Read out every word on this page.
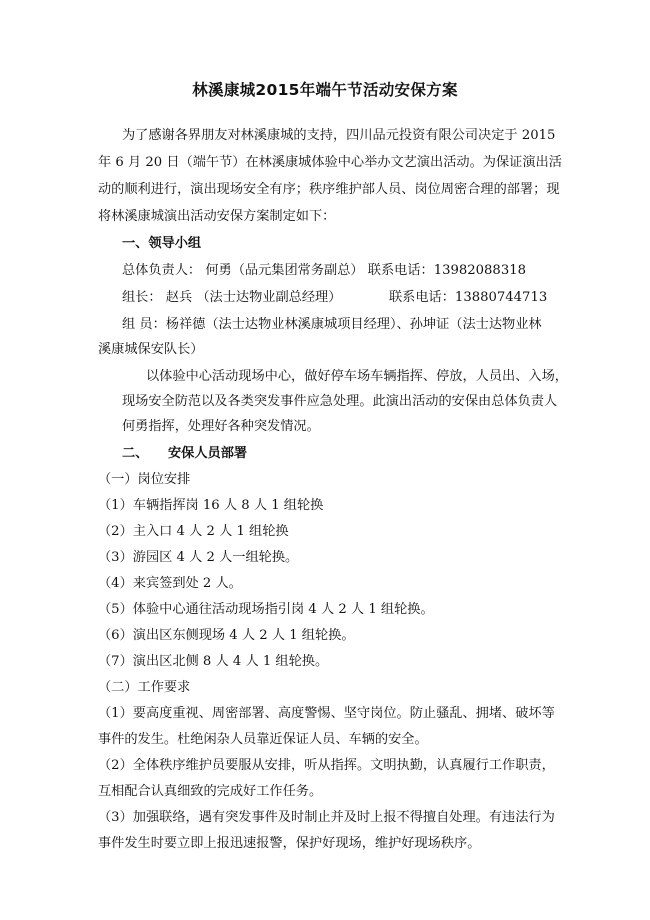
林溪康城2015年端午节活动安保方案
为了感谢各界朋友对林溪康城的支持，四川品元投资有限公司决定于 2015
年 6 月 20 日（端午节）在林溪康城体验中心举办文艺演出活动。为保证演出活
动的顺利进行，演出现场安全有序；秩序维护部人员、岗位周密合理的部署；现
将林溪康城演出活动安保方案制定如下：
一、领导小组
总体负责人： 何勇（品元集团常务副总） 联系电话：13982088318
组长： 赵兵 （法士达物业副总经理）	联系电话：13880744713
组 员：杨祥德（法士达物业林溪康城项目经理）、孙坤证（法士达物业林
溪康城保安队长）
以体验中心活动现场中心，做好停车场车辆指挥、停放，人员出、入场，
现场安全防范以及各类突发事件应急处理。此演出活动的安保由总体负责人
何勇指挥，处理好各种突发情况。
二、 安保人员部署
（一）岗位安排
（1）车辆指挥岗 16 人 8 人 1 组轮换
（2）主入口 4 人 2 人 1 组轮换
（3）游园区 4 人 2 人一组轮换。
（4）来宾签到处 2 人。
（5）体验中心通往活动现场指引岗 4 人 2 人 1 组轮换。
（6）演出区东侧现场 4 人 2 人 1 组轮换。
（7）演出区北侧 8 人 4 人 1 组轮换。
（二）工作要求
（1）要高度重视、周密部署、高度警惕、坚守岗位。防止骚乱、拥堵、破坏等
事件的发生。杜绝闲杂人员靠近保证人员、车辆的安全。
（2）全体秩序维护员要服从安排，听从指挥。文明执勤，认真履行工作职责，
互相配合认真细致的完成好工作任务。
（3）加强联络，遇有突发事件及时制止并及时上报不得擅自处理。有违法行为
事件发生时要立即上报迅速报警，保护好现场，维护好现场秩序。
